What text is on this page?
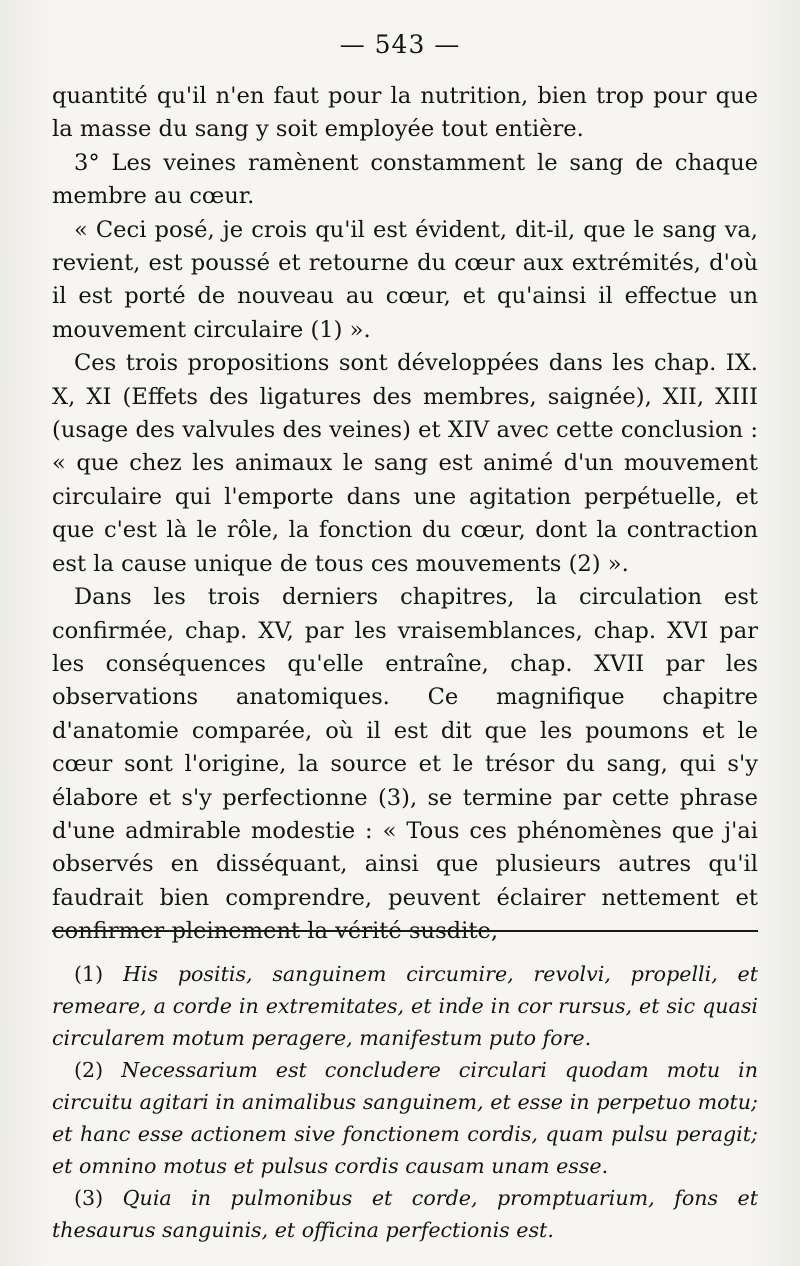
— 543 —

quantité qu'il n'en faut pour la nutrition, bien trop pour que la masse du sang y soit employée tout entière.

3° Les veines ramènent constamment le sang de chaque membre au cœur.

« Ceci posé, je crois qu'il est évident, dit-il, que le sang va, revient, est poussé et retourne du cœur aux extrémités, d'où il est porté de nouveau au cœur, et qu'ainsi il effectue un mouvement circulaire (1) ».

Ces trois propositions sont développées dans les chap. IX. X, XI (Effets des ligatures des membres, saignée), XII, XIII (usage des valvules des veines) et XIV avec cette conclusion : « que chez les animaux le sang est animé d'un mouvement circulaire qui l'emporte dans une agitation perpétuelle, et que c'est là le rôle, la fonction du cœur, dont la contraction est la cause unique de tous ces mouvements (2) ».

Dans les trois derniers chapitres, la circulation est confirmée, chap. XV, par les vraisemblances, chap. XVI par les conséquences qu'elle entraîne, chap. XVII par les observations anatomiques. Ce magnifique chapitre d'anatomie comparée, où il est dit que les poumons et le cœur sont l'origine, la source et le trésor du sang, qui s'y élabore et s'y perfectionne (3), se termine par cette phrase d'une admirable modestie : « Tous ces phénomènes que j'ai observés en disséquant, ainsi que plusieurs autres qu'il faudrait bien comprendre, peuvent éclairer nettement et confirmer pleinement la vérité susdite,

(1) His positis, sanguinem circumire, revolvi, propelli, et remeare, a corde in extremitates, et inde in cor rursus, et sic quasi circularem motum peragere, manifestum puto fore.

(2) Necessarium est concludere circulari quodam motu in circuitu agitari in animalibus sanguinem, et esse in perpetuo motu; et hanc esse actionem sive fonctionem cordis, quam pulsu peragit; et omnino motus et pulsus cordis causam unam esse.

(3) Quia in pulmonibus et corde, promptuarium, fons et thesaurus sanguinis, et officina perfectionis est.
